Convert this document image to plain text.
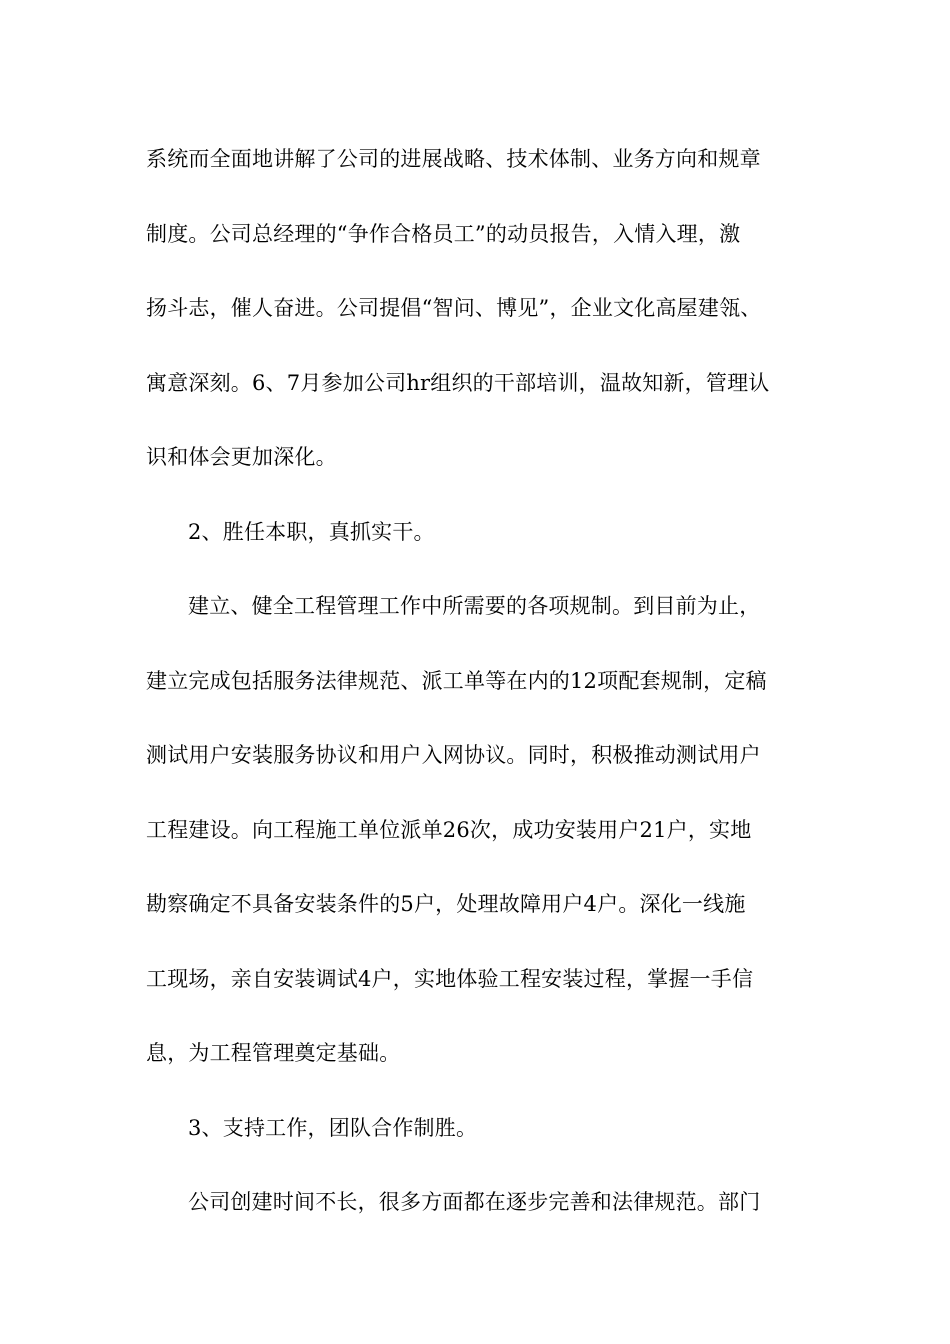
系统而全面地讲解了公司的进展战略、技术体制、业务方向和规章
制度。公司总经理的“争作合格员工”的动员报告，入情入理，激
扬斗志，催人奋进。公司提倡“智问、博见”，企业文化高屋建瓴、
寓意深刻。6、7月参加公司hr组织的干部培训，温故知新，管理认
识和体会更加深化。
2、胜任本职，真抓实干。
建立、健全工程管理工作中所需要的各项规制。到目前为止，
建立完成包括服务法律规范、派工单等在内的12项配套规制，定稿
测试用户安装服务协议和用户入网协议。同时，积极推动测试用户
工程建设。向工程施工单位派单26次，成功安装用户21户，实地
勘察确定不具备安装条件的5户，处理故障用户4户。深化一线施
工现场，亲自安装调试4户，实地体验工程安装过程，掌握一手信
息，为工程管理奠定基础。
3、支持工作，团队合作制胜。
公司创建时间不长，很多方面都在逐步完善和法律规范。部门
